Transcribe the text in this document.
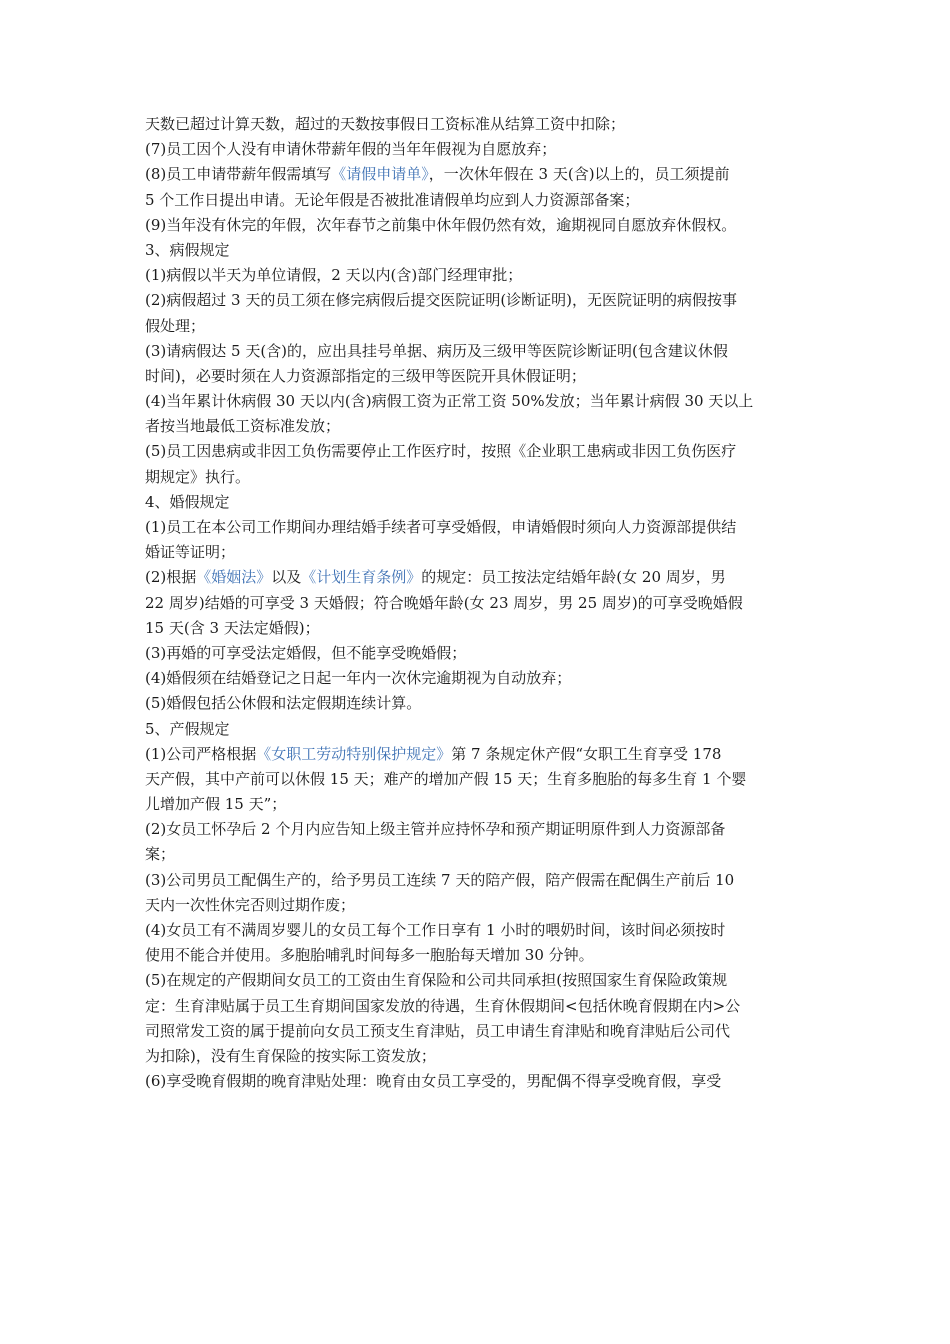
天数已超过计算天数，超过的天数按事假日工资标准从结算工资中扣除；
(7)员工因个人没有申请休带薪年假的当年年假视为自愿放弃；
(8)员工申请带薪年假需填写《请假申请单》，一次休年假在 3 天(含)以上的，员工须提前
5 个工作日提出申请。无论年假是否被批准请假单均应到人力资源部备案；
(9)当年没有休完的年假，次年春节之前集中休年假仍然有效，逾期视同自愿放弃休假权。
3、病假规定
(1)病假以半天为单位请假，2 天以内(含)部门经理审批；
(2)病假超过 3 天的员工须在修完病假后提交医院证明(诊断证明)，无医院证明的病假按事
假处理；
(3)请病假达 5 天(含)的，应出具挂号单据、病历及三级甲等医院诊断证明(包含建议休假
时间)，必要时须在人力资源部指定的三级甲等医院开具休假证明；
(4)当年累计休病假 30 天以内(含)病假工资为正常工资 50%发放；当年累计病假 30 天以上
者按当地最低工资标准发放；
(5)员工因患病或非因工负伤需要停止工作医疗时，按照《企业职工患病或非因工负伤医疗
期规定》执行。
4、婚假规定
(1)员工在本公司工作期间办理结婚手续者可享受婚假，申请婚假时须向人力资源部提供结
婚证等证明；
(2)根据《婚姻法》以及《计划生育条例》的规定：员工按法定结婚年龄(女 20 周岁，男
22 周岁)结婚的可享受 3 天婚假；符合晚婚年龄(女 23 周岁，男 25 周岁)的可享受晚婚假
15 天(含 3 天法定婚假)；
(3)再婚的可享受法定婚假，但不能享受晚婚假；
(4)婚假须在结婚登记之日起一年内一次休完逾期视为自动放弃；
(5)婚假包括公休假和法定假期连续计算。
5、产假规定
(1)公司严格根据《女职工劳动特别保护规定》第 7 条规定休产假“女职工生育享受 178
天产假，其中产前可以休假 15 天；难产的增加产假 15 天；生育多胞胎的每多生育 1 个婴
儿增加产假 15 天”；
(2)女员工怀孕后 2 个月内应告知上级主管并应持怀孕和预产期证明原件到人力资源部备
案；
(3)公司男员工配偶生产的，给予男员工连续 7 天的陪产假，陪产假需在配偶生产前后 10
天内一次性休完否则过期作废；
(4)女员工有不满周岁婴儿的女员工每个工作日享有 1 小时的喂奶时间，该时间必须按时
使用不能合并使用。多胞胎哺乳时间每多一胞胎每天增加 30 分钟。
(5)在规定的产假期间女员工的工资由生育保险和公司共同承担(按照国家生育保险政策规
定：生育津贴属于员工生育期间国家发放的待遇，生育休假期间<包括休晚育假期在内>公
司照常发工资的属于提前向女员工预支生育津贴，员工申请生育津贴和晚育津贴后公司代
为扣除)，没有生育保险的按实际工资发放；
(6)享受晚育假期的晚育津贴处理：晚育由女员工享受的，男配偶不得享受晚育假，享受
